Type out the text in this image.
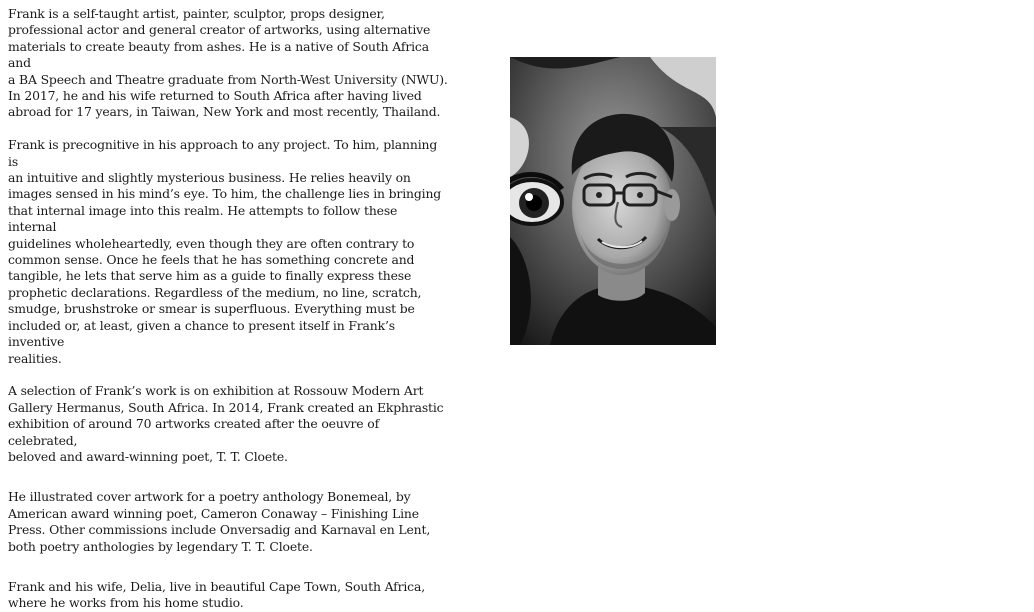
Frank is a self-taught artist, painter, sculptor, props designer,
professional actor and general creator of artworks, using alternative
materials to create beauty from ashes. He is a native of South Africa and
a BA Speech and Theatre graduate from North-West University (NWU).
In 2017, he and his wife returned to South Africa after having lived
abroad for 17 years, in Taiwan, New York and most recently, Thailand.

Frank is precognitive in his approach to any project. To him, planning is
an intuitive and slightly mysterious business. He relies heavily on
images sensed in his mind’s eye. To him, the challenge lies in bringing
that internal image into this realm. He attempts to follow these internal
guidelines wholeheartedly, even though they are often contrary to
common sense. Once he feels that he has something concrete and
tangible, he lets that serve him as a guide to finally express these
prophetic declarations. Regardless of the medium, no line, scratch,
smudge, brushstroke or smear is superfluous. Everything must be
included or, at least, given a chance to present itself in Frank’s inventive
realities.

A selection of Frank’s work is on exhibition at Rossouw Modern Art
Gallery Hermanus, South Africa. In 2014, Frank created an Ekphrastic
exhibition of around 70 artworks created after the oeuvre of celebrated,
beloved and award-winning poet, T. T. Cloete.

He illustrated cover artwork for a poetry anthology Bonemeal, by
American award winning poet, Cameron Conaway – Finishing Line
Press. Other commissions include Onversadig and Karnaval en Lent,
both poetry anthologies by legendary T. T. Cloete.

Frank and his wife, Delia, live in beautiful Cape Town, South Africa,
where he works from his home studio.
